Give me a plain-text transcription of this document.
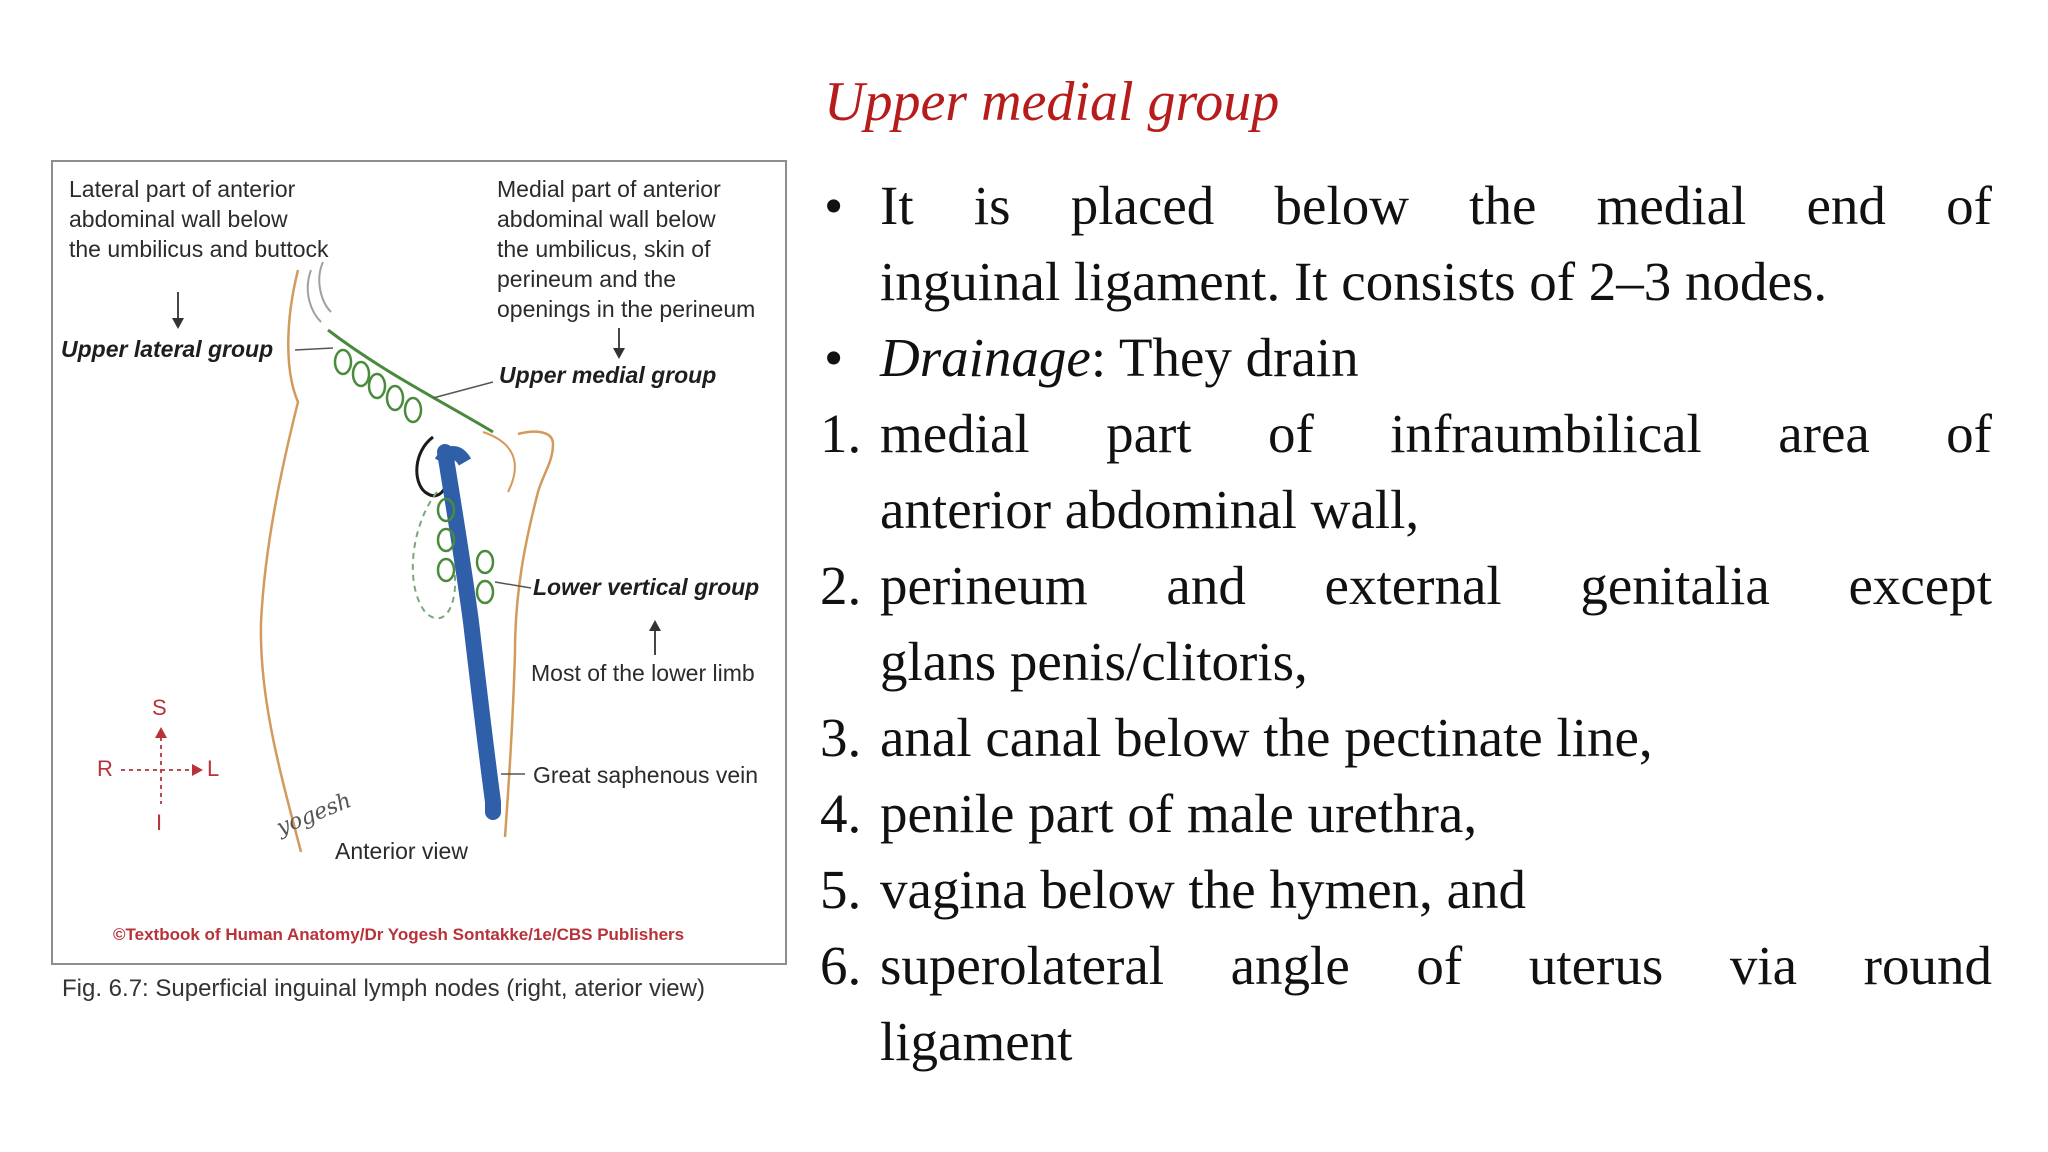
Lateral part of anterior
abdominal wall below
the umbilicus and buttock
Medial part of anterior
abdominal wall below
the umbilicus, skin of
perineum and the
openings in the perineum
Upper lateral group
Upper medial group
Lower vertical group
Most of the lower limb
Great saphenous vein
Anterior view
S
R	L
I	yogesh
©Textbook of Human Anatomy/Dr Yogesh Sontakke/1e/CBS Publishers
Fig. 6.7: Superficial inguinal lymph nodes (right, aterior view)
Upper medial group
• It is placed below the medial end of
inguinal ligament. It consists of 2–3 nodes.
• Drainage: They drain
1. medial part of infraumbilical area of
anterior abdominal wall,
2. perineum and external genitalia except
glans penis/clitoris,
3. anal canal below the pectinate line,
4. penile part of male urethra,
5. vagina below the hymen, and
6. superolateral angle of uterus via round
ligament
